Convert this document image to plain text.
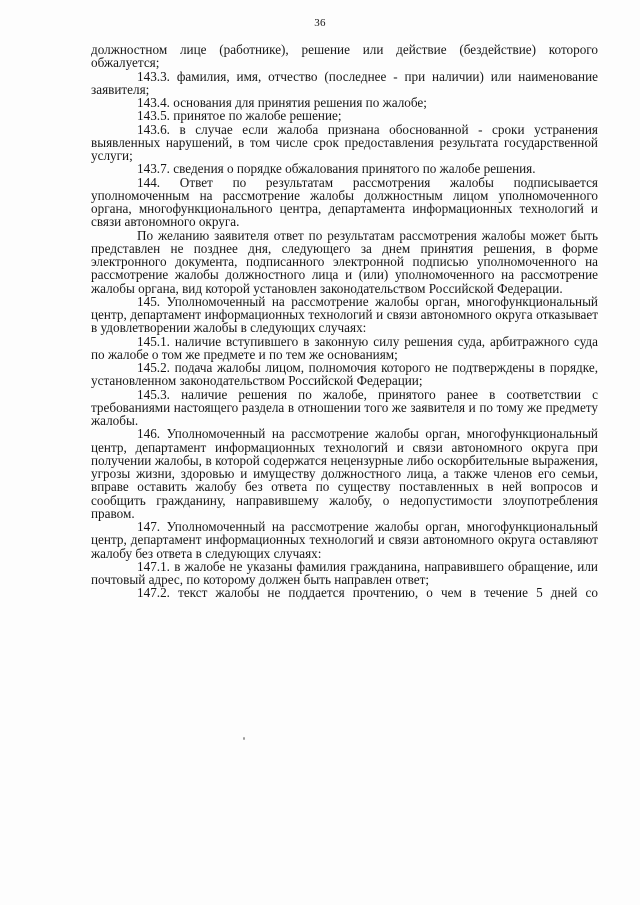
36

должностном лице (работнике), решение или действие (бездействие) которого обжалуется;

143.3. фамилия, имя, отчество (последнее - при наличии) или наименование заявителя;

143.4. основания для принятия решения по жалобе;

143.5. принятое по жалобе решение;

143.6. в случае если жалоба признана обоснованной - сроки устранения выявленных нарушений, в том числе срок предоставления результата государственной услуги;

143.7. сведения о порядке обжалования принятого по жалобе решения.

144. Ответ по результатам рассмотрения жалобы подписывается уполномоченным на рассмотрение жалобы должностным лицом уполномоченного органа, многофункционального центра, департамента информационных технологий и связи автономного округа.

По желанию заявителя ответ по результатам рассмотрения жалобы может быть представлен не позднее дня, следующего за днем принятия решения, в форме электронного документа, подписанного электронной подписью уполномоченного на рассмотрение жалобы должностного лица и (или) уполномоченного на рассмотрение жалобы органа, вид которой установлен законодательством Российской Федерации.

145. Уполномоченный на рассмотрение жалобы орган, многофункциональный центр, департамент информационных технологий и связи автономного округа отказывает в удовлетворении жалобы в следующих случаях:

145.1. наличие вступившего в законную силу решения суда, арбитражного суда по жалобе о том же предмете и по тем же основаниям;

145.2. подача жалобы лицом, полномочия которого не подтверждены в порядке, установленном законодательством Российской Федерации;

145.3. наличие решения по жалобе, принятого ранее в соответствии с требованиями настоящего раздела в отношении того же заявителя и по тому же предмету жалобы.

146. Уполномоченный на рассмотрение жалобы орган, многофункциональный центр, департамент информационных технологий и связи автономного округа при получении жалобы, в которой содержатся нецензурные либо оскорбительные выражения, угрозы жизни, здоровью и имуществу должностного лица, а также членов его семьи, вправе оставить жалобу без ответа по существу поставленных в ней вопросов и сообщить гражданину, направившему жалобу, о недопустимости злоупотребления правом.

147. Уполномоченный на рассмотрение жалобы орган, многофункциональный центр, департамент информационных технологий и связи автономного округа оставляют жалобу без ответа в следующих случаях:

147.1. в жалобе не указаны фамилия гражданина, направившего обращение, или почтовый адрес, по которому должен быть направлен ответ;

147.2. текст жалобы не поддается прочтению, о чем в течение 5 дней со
